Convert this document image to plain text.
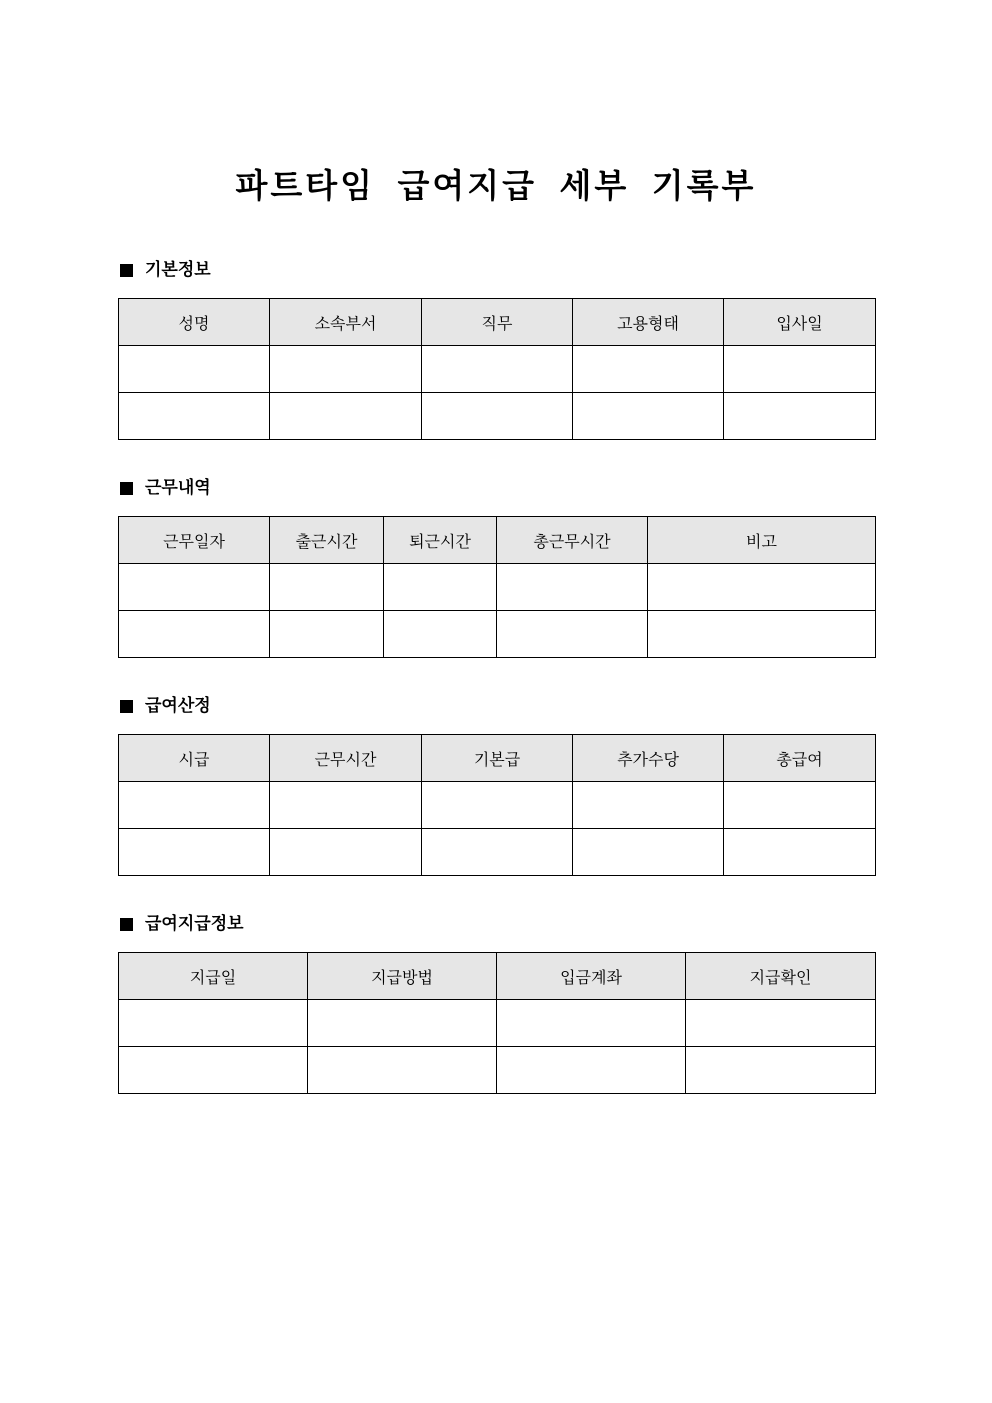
파트타임 급여지급 세부 기록부
기본정보
성명	소속부서	직무	고용형태	입사일

근무내역
근무일자	출근시간	퇴근시간	총근무시간	비고

급여산정
시급	근무시간	기본급	추가수당	총급여

급여지급정보
지급일	지급방법	입금계좌	지급확인
